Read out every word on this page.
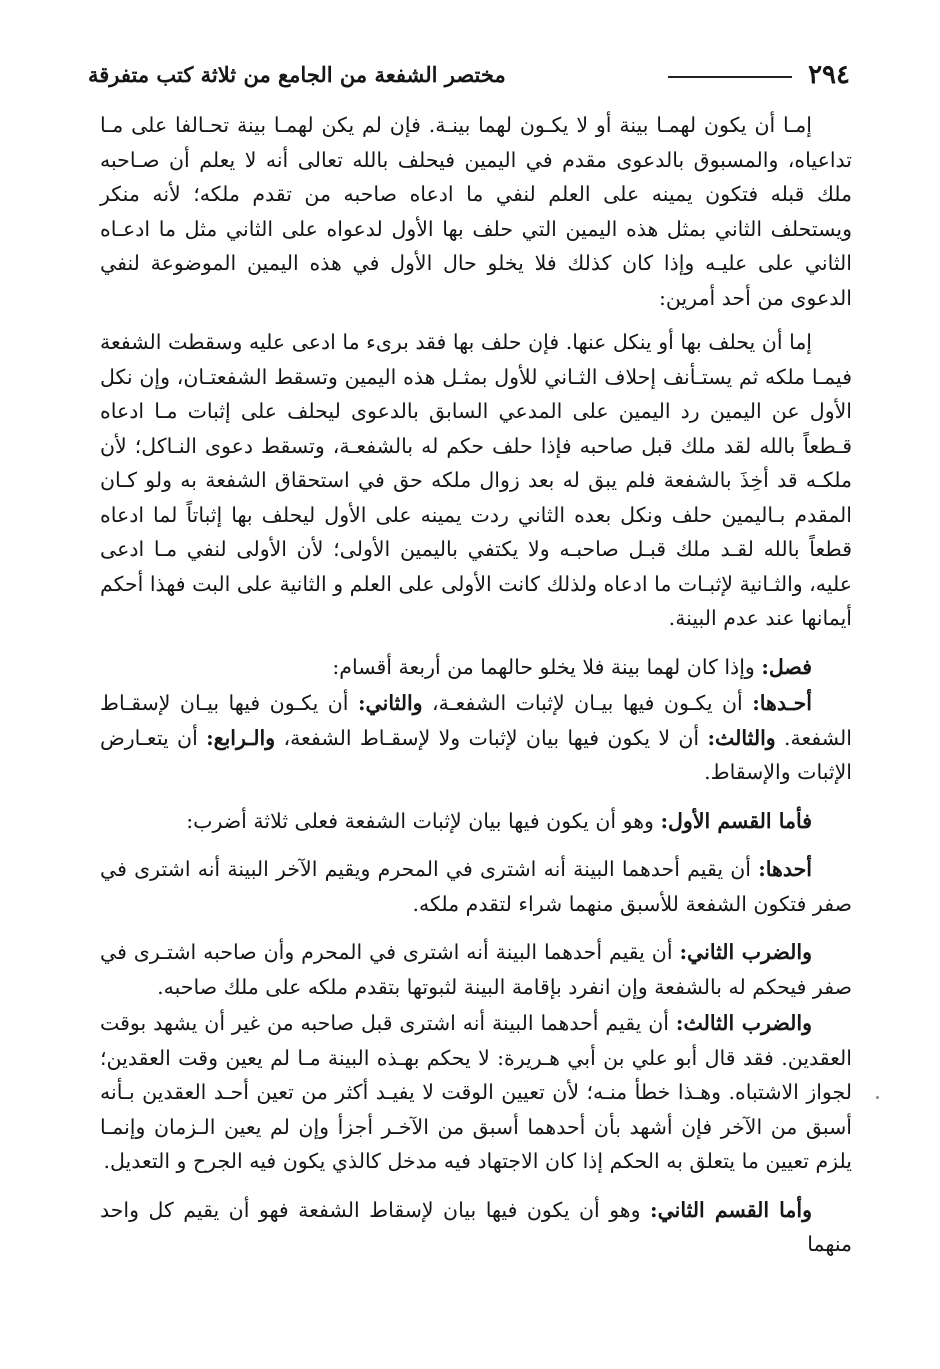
٢٩٤
مختصر الشفعة من الجامع من ثلاثة كتب متفرقة

إمـا أن يكون لهمـا بينة أو لا يكـون لهما بينـة. فإن لم يكن لهمـا بينة تحـالفا على مـا تداعياه، والمسبوق بالدعوى مقدم في اليمين فيحلف بالله تعالى أنه لا يعلم أن صـاحبه ملك قبله فتكون يمينه على العلم لنفي ما ادعاه صاحبه من تقدم ملكه؛ لأنه منكر ويستحلف الثاني بمثل هذه اليمين التي حلف بها الأول لدعواه على الثاني مثل ما ادعـاه الثاني على عليـه وإذا كان كذلك فلا يخلو حال الأول في هذه اليمين الموضوعة لنفي الدعوى من أحد أمرين:

إما أن يحلف بها أو ينكل عنها. فإن حلف بها فقد برىء ما ادعى عليه وسقطت الشفعة فيمـا ملكه ثم يستـأنف إحلاف الثـاني للأول بمثـل هذه اليمين وتسقط الشفعتـان، وإن نكل الأول عن اليمين رد اليمين على المدعي السابق بالدعوى ليحلف على إثبات مـا ادعاه قـطعاً بالله لقد ملك قبل صاحبه فإذا حلف حكم له بالشفعـة، وتسقط دعوى النـاكل؛ لأن ملكـه قد أخِذَ بالشفعة فلم يبق له بعد زوال ملكه حق في استحقاق الشفعة به ولو كـان المقدم بـاليمين حلف ونكل بعده الثاني ردت يمينه على الأول ليحلف بها إثباتاً لما ادعاه قطعاً بالله لقـد ملك قبـل صاحبـه ولا يكتفي باليمين الأولى؛ لأن الأولى لنفي مـا ادعى عليه، والثـانية لإثبـات ما ادعاه ولذلك كانت الأولى على العلم و الثانية على البت فهذا أحكم أيمانها عند عدم البينة.

فصل: وإذا كان لهما بينة فلا يخلو حالهما من أربعة أقسام:

أحـدها: أن يكـون فيها بيـان لإثبات الشفعـة، والثاني: أن يكـون فيها بيـان لإسقـاط الشفعة. والثالث: أن لا يكون فيها بيان لإثبات ولا لإسقـاط الشفعة، والـرابع: أن يتعـارض الإثبات والإسقاط.

فأما القسم الأول: وهو أن يكون فيها بيان لإثبات الشفعة فعلى ثلاثة أضرب:

أحدها: أن يقيم أحدهما البينة أنه اشترى في المحرم ويقيم الآخر البينة أنه اشترى في صفر فتكون الشفعة للأسبق منهما شراء لتقدم ملكه.

والضرب الثاني: أن يقيم أحدهما البينة أنه اشترى في المحرم وأن صاحبه اشتـرى في صفر فيحكم له بالشفعة وإن انفرد بإقامة البينة لثبوتها بتقدم ملكه على ملك صاحبه.

والضرب الثالث: أن يقيم أحدهما البينة أنه اشترى قبل صاحبه من غير أن يشهد بوقت العقدين. فقد قال أبو علي بن أبي هـريرة: لا يحكم بهـذه البينة مـا لم يعين وقت العقدين؛ لجواز الاشتباه. وهـذا خطأ منـه؛ لأن تعيين الوقت لا يفيـد أكثر من تعين أحـد العقدين بـأنه أسبق من الآخر فإن أشهد بأن أحدهما أسبق من الآخـر أجزأ وإن لم يعين الـزمان وإنمـا يلزم تعيين ما يتعلق به الحكم إذا كان الاجتهاد فيه مدخل كالذي يكون فيه الجرح و التعديل.

وأما القسم الثاني: وهو أن يكون فيها بيان لإسقاط الشفعة فهو أن يقيم كل واحد منهما
